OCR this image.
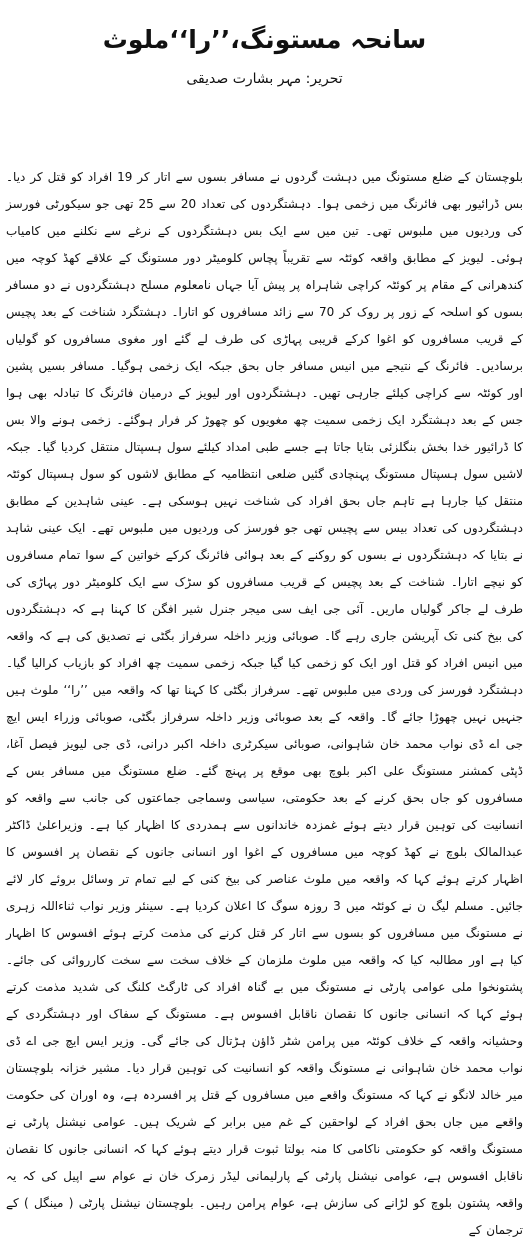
سانحہ مستونگ،’’را‘‘ملوث
تحریر: مہر بشارت صدیقی

بلوچستان کے ضلع مستونگ میں دہشت گردوں نے مسافر بسوں سے اتار کر 19 افراد کو قتل کر دیا۔ بس ڈرائیور بھی فائرنگ میں زخمی ہوا۔ دہشتگردوں کی تعداد 20 سے 25 تھی جو سیکورٹی فورسز کی وردیوں میں ملبوس تھی۔ تین میں سے ایک بس دہشتگردوں کے نرغے سے نکلنے میں کامیاب ہوئی۔ لیویز کے مطابق واقعہ کوئٹہ سے تقریباً پچاس کلومیٹر دور مستونگ کے علاقے کھڈ کوچہ میں کندھرانی کے مقام پر کوئٹہ کراچی شاہراہ پر پیش آیا جہاں نامعلوم مسلح دہشتگردوں نے دو مسافر بسوں کو اسلحہ کے زور پر روک کر 70 سے زائد مسافروں کو اتارا۔ دہشتگرد شناخت کے بعد پچیس کے قریب مسافروں کو اغوا کرکے قریبی پہاڑی کی طرف لے گئے اور مغوی مسافروں کو گولیاں برسادیں۔ فائرنگ کے نتیجے میں انیس مسافر جاں بحق جبکہ ایک زخمی ہوگیا۔ مسافر بسیں پشین اور کوئٹہ سے کراچی کیلئے جارہی تھیں۔ دہشتگردوں اور لیویز کے درمیان فائرنگ کا تبادلہ بھی ہوا جس کے بعد دہشتگرد ایک زخمی سمیت چھ مغویوں کو چھوڑ کر فرار ہوگئے۔ زخمی ہونے والا بس کا ڈرائیور خدا بخش بنگلزئی بتایا جاتا ہے جسے طبی امداد کیلئے سول ہسپتال منتقل کردیا گیا۔ جبکہ لاشیں سول ہسپتال مستونگ پہنچادی گئیں ضلعی انتظامیہ کے مطابق لاشوں کو سول ہسپتال کوئٹہ منتقل کیا جارہا ہے تاہم جاں بحق افراد کی شناخت نہیں ہوسکی ہے۔ عینی شاہدین کے مطابق دہشتگردوں کی تعداد بیس سے پچیس تھی جو فورسز کی وردیوں میں ملبوس تھے۔ ایک عینی شاہد نے بتایا کہ دہشتگردوں نے بسوں کو روکنے کے بعد ہوائی فائرنگ کرکے خواتین کے سوا تمام مسافروں کو نیچے اتارا۔ شناخت کے بعد پچیس کے قریب مسافروں کو سڑک سے ایک کلومیٹر دور پہاڑی کی طرف لے جاکر گولیاں ماریں۔ آئی جی ایف سی میجر جنرل شیر افگن کا کہنا ہے کہ دہشتگردوں کی بیخ کنی تک آپریشن جاری رہے گا۔ صوبائی وزیر داخلہ سرفراز بگٹی نے تصدیق کی ہے کہ واقعہ میں انیس افراد کو قتل اور ایک کو زخمی کیا گیا جبکہ زخمی سمیت چھ افراد کو بازیاب کرالیا گیا۔ دہشتگرد فورسز کی وردی میں ملبوس تھے۔ سرفراز بگٹی کا کہنا تھا کہ واقعہ میں ’’را‘‘ ملوث ہیں جنہیں نہیں چھوڑا جائے گا۔ واقعہ کے بعد صوبائی وزیر داخلہ سرفراز بگٹی، صوبائی وزراء ایس ایچ جی اے ڈی نواب محمد خان شاہوانی، صوبائی سیکرٹری داخلہ اکبر درانی، ڈی جی لیویز فیصل آغا، ڈپٹی کمشنر مستونگ علی اکبر بلوچ بھی موقع پر پہنچ گئے۔ ضلع مستونگ میں مسافر بس کے مسافروں کو جاں بحق کرنے کے بعد حکومتی، سیاسی وسماجی جماعتوں کی جانب سے واقعہ کو انسانیت کی توہین قرار دیتے ہوئے غمزدہ خاندانوں سے ہمدردی کا اظہار کیا ہے۔ وزیراعلیٰ ڈاکٹر عبدالمالک بلوچ نے کھڈ کوچہ میں مسافروں کے اغوا اور انسانی جانوں کے نقصان پر افسوس کا اظہار کرتے ہوئے کہا کہ واقعہ میں ملوث عناصر کی بیخ کنی کے لیے تمام تر وسائل بروئے کار لائے جائیں۔ مسلم لیگ ن نے کوئٹہ میں 3 روزہ سوگ کا اعلان کردیا ہے۔ سینئر وزیر نواب ثناءاللہ زہری نے مستونگ میں مسافروں کو بسوں سے اتار کر قتل کرنے کی مذمت کرتے ہوئے افسوس کا اظہار کیا ہے اور مطالبہ کیا کہ واقعہ میں ملوث ملزمان کے خلاف سخت سے سخت کارروائی کی جائے۔ پشتونخوا ملی عوامی پارٹی نے مستونگ میں بے گناہ افراد کی ٹارگٹ کلنگ کی شدید مذمت کرتے ہوئے کہا کہ انسانی جانوں کا نقصان ناقابل افسوس ہے۔ مستونگ کے سفاک اور دہشتگردی کے وحشیانہ واقعہ کے خلاف کوئٹہ میں پرامن شٹر ڈاؤن ہڑتال کی جائے گی۔ وزیر ایس ایچ جی اے ڈی نواب محمد خان شاہوانی نے مستونگ واقعہ کو انسانیت کی توہین قرار دیا۔ مشیر خزانہ بلوچستان میر خالد لانگو نے کہا کہ مستونگ واقعے میں مسافروں کے قتل پر افسردہ ہے، وہ اوران کی حکومت واقعے میں جاں بحق افراد کے لواحقین کے غم میں برابر کے شریک ہیں۔ عوامی نیشنل پارٹی نے مستونگ واقعہ کو حکومتی ناکامی کا منہ بولتا ثبوت قرار دیتے ہوئے کہا کہ انسانی جانوں کا نقصان ناقابل افسوس ہے، عوامی نیشنل پارٹی کے پارلیمانی لیڈر زمرک خان نے عوام سے اپیل کی کہ یہ واقعہ پشتون بلوچ کو لڑانے کی سازش ہے، عوام پرامن رہیں۔ بلوچستان نیشنل پارٹی ( مینگل ) کے ترجمان کے
